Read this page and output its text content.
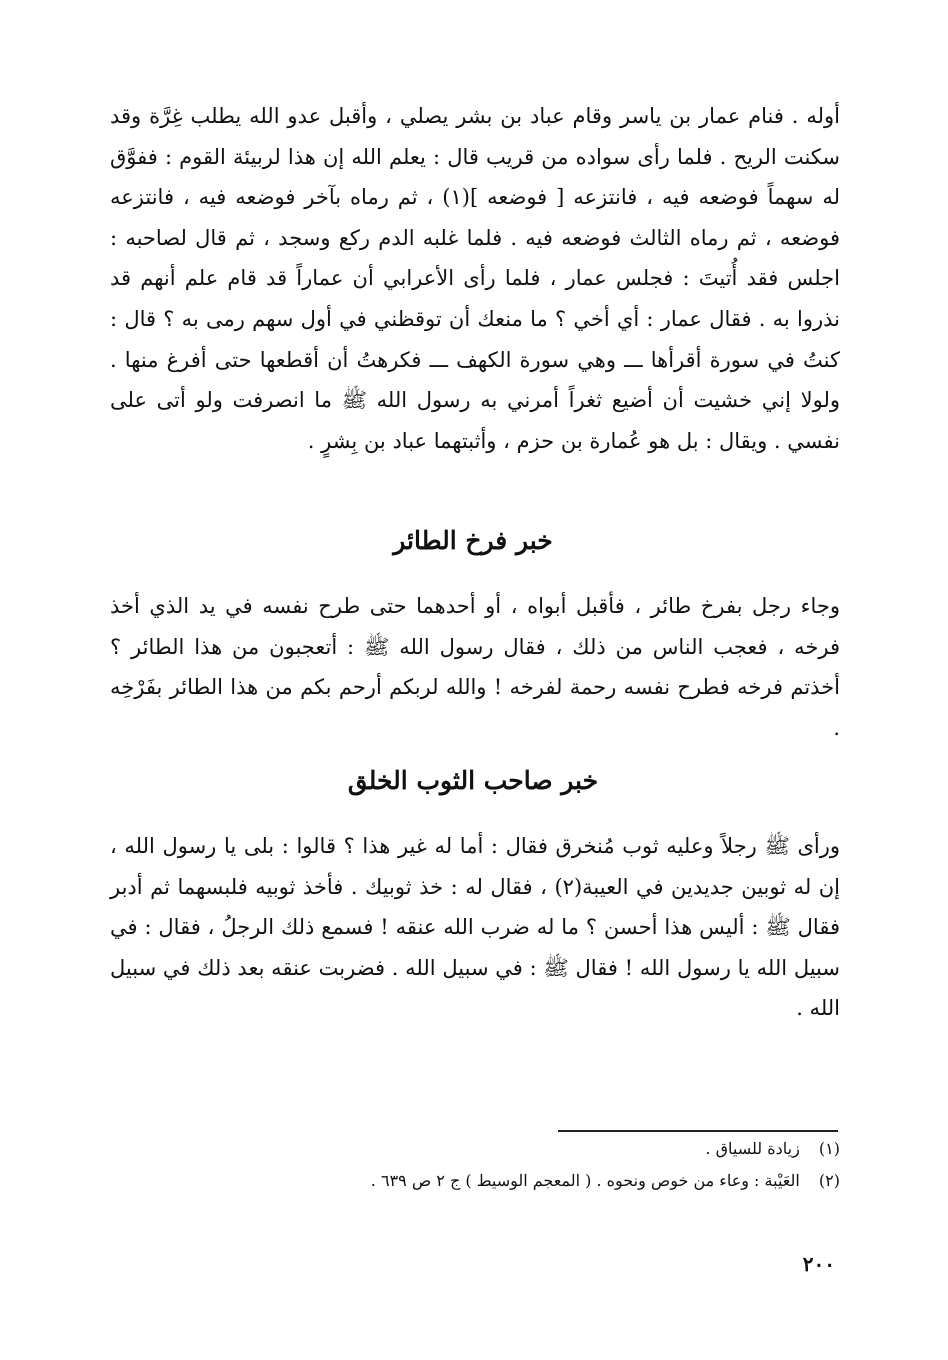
أوله . فنام عمار بن ياسر وقام عباد بن بشر يصلي ، وأقبل عدو الله يطلب غِرَّة وقد سكنت الريح . فلما رأى سواده من قريب قال : يعلم الله إن هذا لربيئة القوم : ففوَّق له سهماً فوضعه فيه ، فانتزعه [ فوضعه ](١) ، ثم رماه بآخر فوضعه فيه ، فانتزعه فوضعه ، ثم رماه الثالث فوضعه فيه . فلما غلبه الدم ركع وسجد ، ثم قال لصاحبه : اجلس فقد أُتيتَ : فجلس عمار ، فلما رأى الأعرابي أن عماراً قد قام علم أنهم قد نذروا به . فقال عمار : أي أخي ؟ ما منعك أن توقظني في أول سهم رمى به ؟ قال : كنتُ في سورة أقرأها ـــ وهي سورة الكهف ـــ فكرهتُ أن أقطعها حتى أفرغ منها . ولولا إني خشيت أن أضيع ثغراً أمرني به رسول الله ﷺ ما انصرفت ولو أتى على نفسي . ويقال : بل هو عُمارة بن حزم ، وأثبتهما عباد بن بِشرٍ .

خبر فرخ الطائر

وجاء رجل بفرخ طائر ، فأقبل أبواه ، أو أحدهما حتى طرح نفسه في يد الذي أخذ فرخه ، فعجب الناس من ذلك ، فقال رسول الله ﷺ : أتعجبون من هذا الطائر ؟ أخذتم فرخه فطرح نفسه رحمة لفرخه ! والله لربكم أرحم بكم من هذا الطائر بفَرْخِه .

خبر صاحب الثوب الخلق

ورأى ﷺ رجلاً وعليه ثوب مُنخرق فقال : أما له غير هذا ؟ قالوا : بلى يا رسول الله ، إن له ثوبين جديدين في العيبة(٢) ، فقال له : خذ ثوبيك . فأخذ ثوبيه فلبسهما ثم أدبر فقال ﷺ : أليس هذا أحسن ؟ ما له ضرب الله عنقه ! فسمع ذلك الرجلُ ، فقال : في سبيل الله يا رسول الله ! فقال ﷺ : في سبيل الله . فضربت عنقه بعد ذلك في سبيل الله .

(١) زيادة للسياق .

(٢) العَيْبة : وعاء من خوص ونحوه . ( المعجم الوسيط ) ج ٢ ص ٦٣٩ .

٢٠٠
